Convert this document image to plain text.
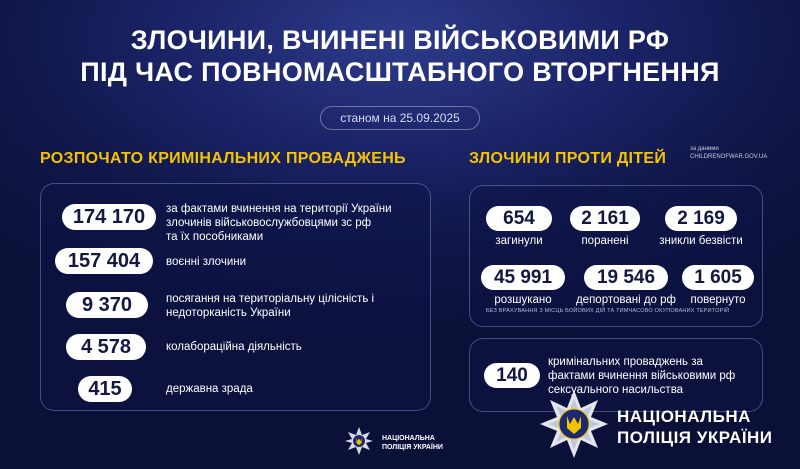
ЗЛОЧИНИ, ВЧИНЕНІ ВІЙСЬКОВИМИ РФ
ПІД ЧАС ПОВНОМАСШТАБНОГО ВТОРГНЕННЯ
станом на 25.09.2025
РОЗПОЧАТО КРИМІНАЛЬНИХ ПРОВАДЖЕНЬ
174 170	за фактами вчинення на території України
злочинів військовослужбовцями зс рф
та їх пособниками
157 404	воєнні злочини
9 370	посягання на територіальну цілісність і
недоторканість України
4 578	колабораційна діяльність
415	державна зрада
ЗЛОЧИНИ ПРОТИ ДІТЕЙ
за даними
CHILDRENOFWAR.GOV.UA
654
загинули
2 161
поранені
2 169
зникли безвісти
45 991
розшукано
19 546
депортовані до рф
1 605
повернуто
БЕЗ ВРАХУВАННЯ З МІСЦЬ БОЙОВИХ ДІЙ ТА ТИМЧАСОВО ОКУПОВАНИХ ТЕРИТОРІЙ
140
кримінальних проваджень за
фактами вчинення військовими рф
сексуального насильства
НАЦІОНАЛЬНА
ПОЛІЦІЯ УКРАЇНИ
НАЦІОНАЛЬНА
ПОЛІЦІЯ УКРАЇНИ
